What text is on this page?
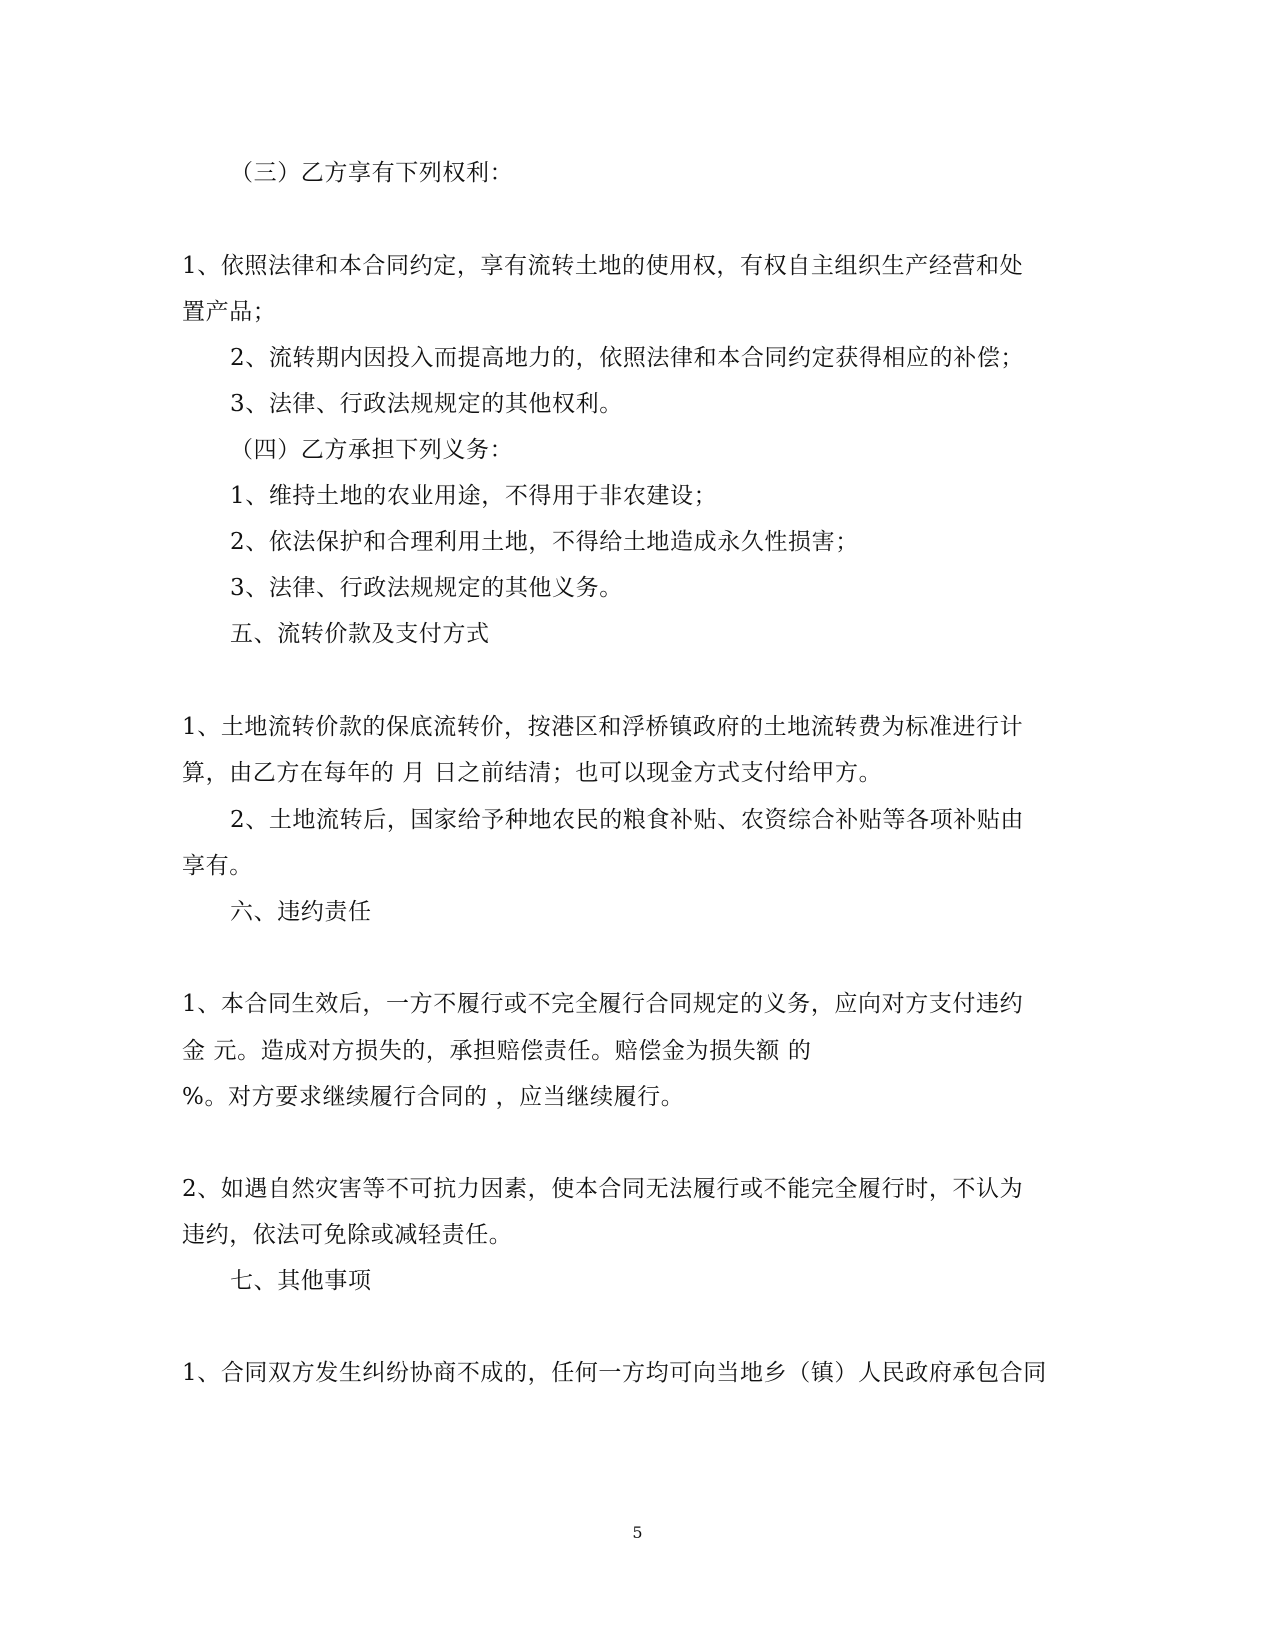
（三）乙方享有下列权利：
1、依照法律和本合同约定，享有流转土地的使用权，有权自主组织生产经营和处
置产品；
2、流转期内因投入而提高地力的，依照法律和本合同约定获得相应的补偿；
3、法律、行政法规规定的其他权利。
（四）乙方承担下列义务：
1、维持土地的农业用途，不得用于非农建设；
2、依法保护和合理利用土地，不得给土地造成永久性损害；
3、法律、行政法规规定的其他义务。
五、流转价款及支付方式
1、土地流转价款的保底流转价，按港区和浮桥镇政府的土地流转费为标准进行计
算，由乙方在每年的 月 日之前结清；也可以现金方式支付给甲方。
2、土地流转后，国家给予种地农民的粮食补贴、农资综合补贴等各项补贴由
享有。
六、违约责任
1、本合同生效后，一方不履行或不完全履行合同规定的义务，应向对方支付违约
金 元。造成对方损失的，承担赔偿责任。赔偿金为损失额 的
%。对方要求继续履行合同的 ，应当继续履行。
2、如遇自然灾害等不可抗力因素，使本合同无法履行或不能完全履行时，不认为
违约，依法可免除或减轻责任。
七、其他事项
1、合同双方发生纠纷协商不成的，任何一方均可向当地乡（镇）人民政府承包合同
5
